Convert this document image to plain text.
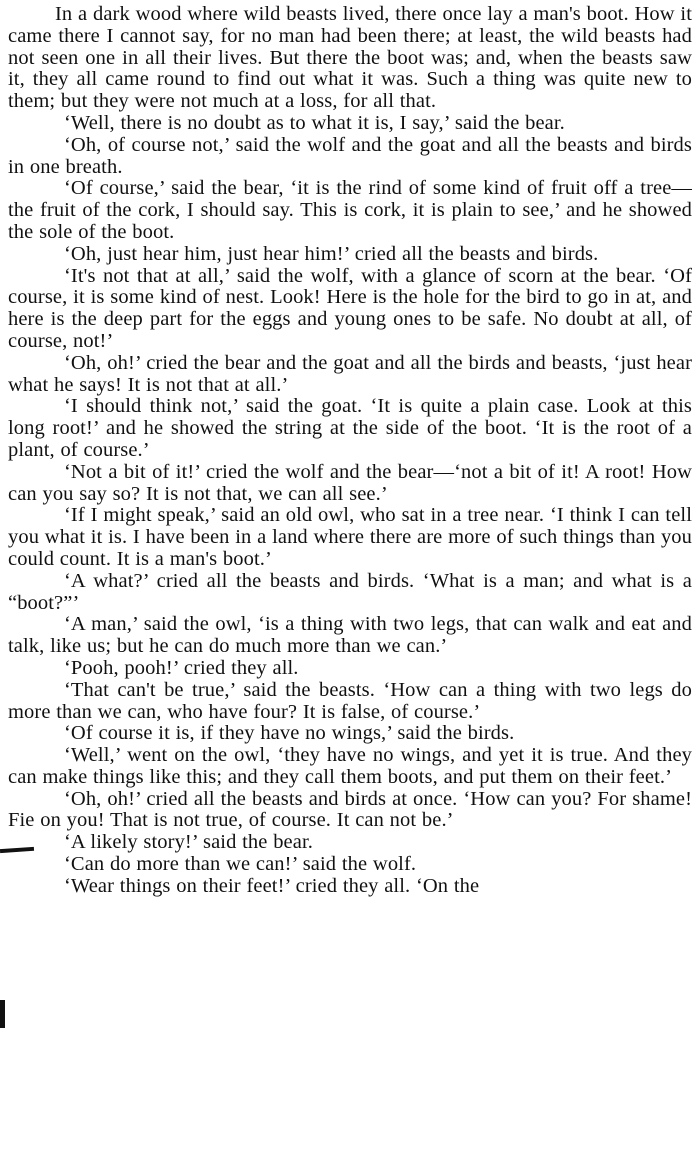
In a dark wood where wild beasts lived, there once lay a man's boot. How it came there I cannot say, for no man had been there; at least, the wild beasts had not seen one in all their lives. But there the boot was; and, when the beasts saw it, they all came round to find out what it was. Such a thing was quite new to them; but they were not much at a loss, for all that.

‘Well, there is no doubt as to what it is, I say,’ said the bear.

‘Oh, of course not,’ said the wolf and the goat and all the beasts and birds in one breath.

‘Of course,’ said the bear, ‘it is the rind of some kind of fruit off a tree—the fruit of the cork, I should say. This is cork, it is plain to see,’ and he showed the sole of the boot.

‘Oh, just hear him, just hear him!’ cried all the beasts and birds.

‘It's not that at all,’ said the wolf, with a glance of scorn at the bear. ‘Of course, it is some kind of nest. Look! Here is the hole for the bird to go in at, and here is the deep part for the eggs and young ones to be safe. No doubt at all, of course, not!’

‘Oh, oh!’ cried the bear and the goat and all the birds and beasts, ‘just hear what he says! It is not that at all.’

‘I should think not,’ said the goat. ‘It is quite a plain case. Look at this long root!’ and he showed the string at the side of the boot. ‘It is the root of a plant, of course.’

‘Not a bit of it!’ cried the wolf and the bear—‘not a bit of it! A root! How can you say so? It is not that, we can all see.’

‘If I might speak,’ said an old owl, who sat in a tree near. ‘I think I can tell you what it is. I have been in a land where there are more of such things than you could count. It is a man's boot.’

‘A what?’ cried all the beasts and birds. ‘What is a man; and what is a “boot?”’

‘A man,’ said the owl, ‘is a thing with two legs, that can walk and eat and talk, like us; but he can do much more than we can.’

‘Pooh, pooh!’ cried they all.

‘That can't be true,’ said the beasts. ‘How can a thing with two legs do more than we can, who have four? It is false, of course.’

‘Of course it is, if they have no wings,’ said the birds.

‘Well,’ went on the owl, ‘they have no wings, and yet it is true. And they can make things like this; and they call them boots, and put them on their feet.’

‘Oh, oh!’ cried all the beasts and birds at once. ‘How can you? For shame! Fie on you! That is not true, of course. It can not be.’

‘A likely story!’ said the bear.

‘Can do more than we can!’ said the wolf.

‘Wear things on their feet!’ cried they all. ‘On the
